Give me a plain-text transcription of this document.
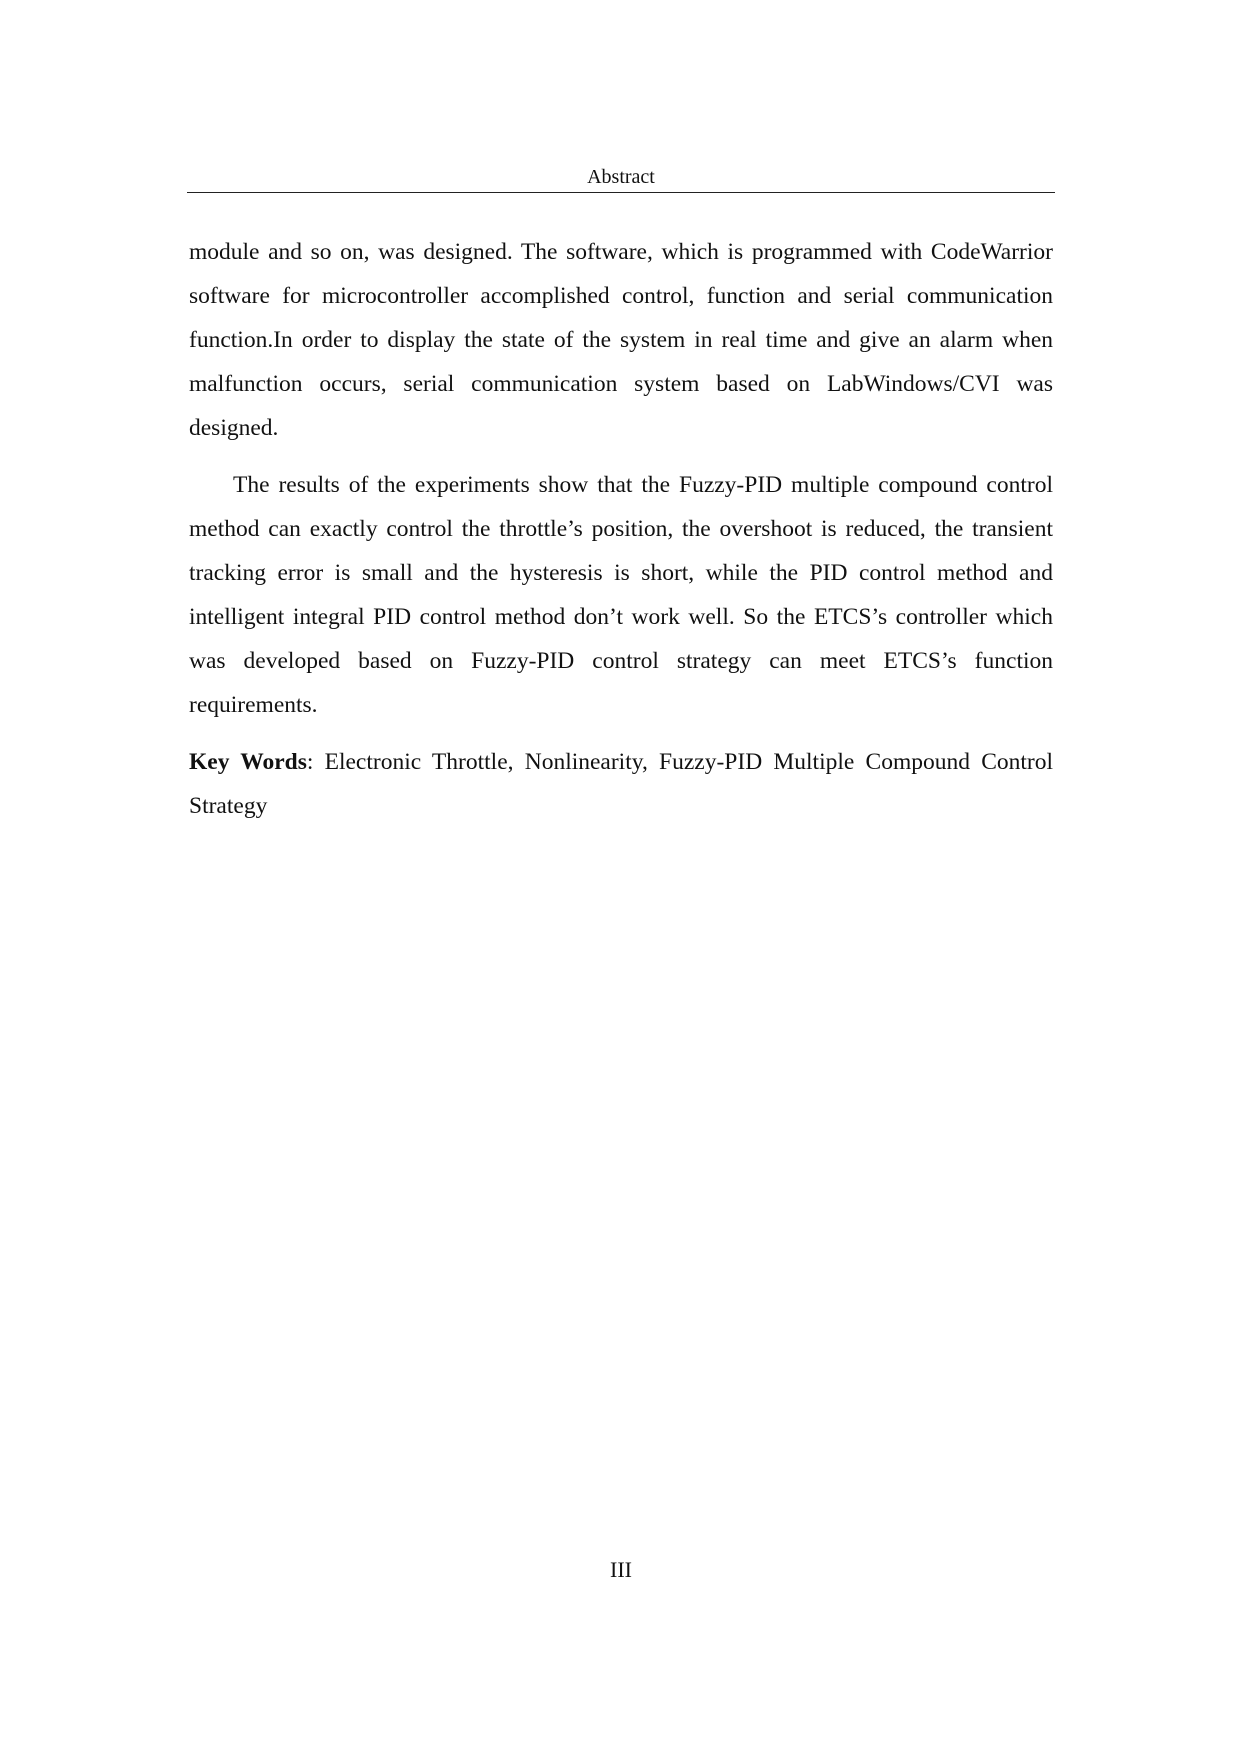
Abstract

module and so on, was designed. The software, which is programmed with CodeWarrior software for microcontroller accomplished control, function and serial communication function.In order to display the state of the system in real time and give an alarm when malfunction occurs, serial communication system based on LabWindows/CVI was designed.

The results of the experiments show that the Fuzzy-PID multiple compound control method can exactly control the throttle’s position, the overshoot is reduced, the transient tracking error is small and the hysteresis is short, while the PID control method and intelligent integral PID control method don’t work well. So the ETCS’s controller which was developed based on Fuzzy-PID control strategy can meet ETCS’s function requirements.

Key Words: Electronic Throttle, Nonlinearity, Fuzzy-PID Multiple Compound Control Strategy

III
